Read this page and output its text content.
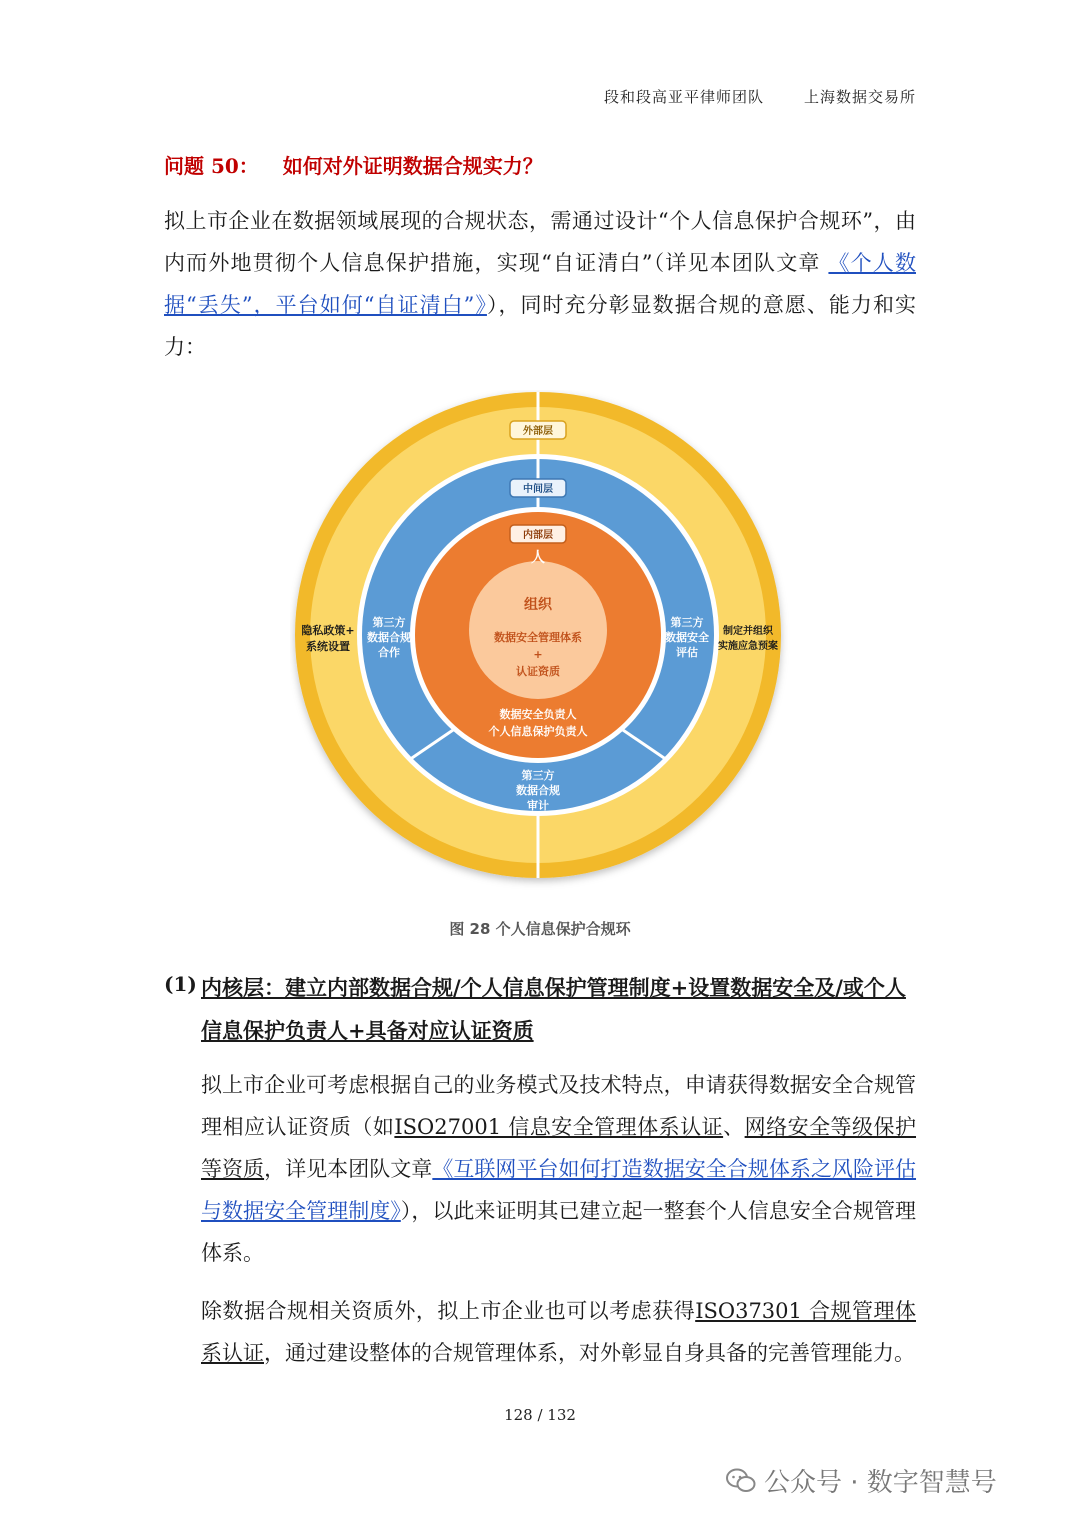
段和段高亚平律师团队	上海数据交易所
问题 50： 如何对外证明数据合规实力？
拟上市企业在数据领域展现的合规状态，需通过设计“个人信息保护合规环”，由内而外地贯彻个人信息保护措施，实现“自证清白”（详见本团队文章 《个人数据“丢失”，平台如何“自证清白”》），同时充分彰显数据合规的意愿、能力和实力：
外部层
中间层
内部层
人
组织
数据安全管理体系
+
认证资质
数据安全负责人
个人信息保护负责人
第三方
数据合规
合作
第三方
数据安全
评估
第三方
数据合规
审计
隐私政策+
系统设置
制定并组织
实施应急预案
图 28 个人信息保护合规环
(1) 内核层：建立内部数据合规/个人信息保护管理制度+设置数据安全及/或个人信息保护负责人+具备对应认证资质
拟上市企业可考虑根据自己的业务模式及技术特点，申请获得数据安全合规管理相应认证资质（如ISO27001 信息安全管理体系认证、网络安全等级保护等资质，详见本团队文章《互联网平台如何打造数据安全合规体系之风险评估与数据安全管理制度》），以此来证明其已建立起一整套个人信息安全合规管理体系。
除数据合规相关资质外，拟上市企业也可以考虑获得ISO37301 合规管理体系认证，通过建设整体的合规管理体系，对外彰显自身具备的完善管理能力。
128 / 132
公众号 · 数字智慧号
